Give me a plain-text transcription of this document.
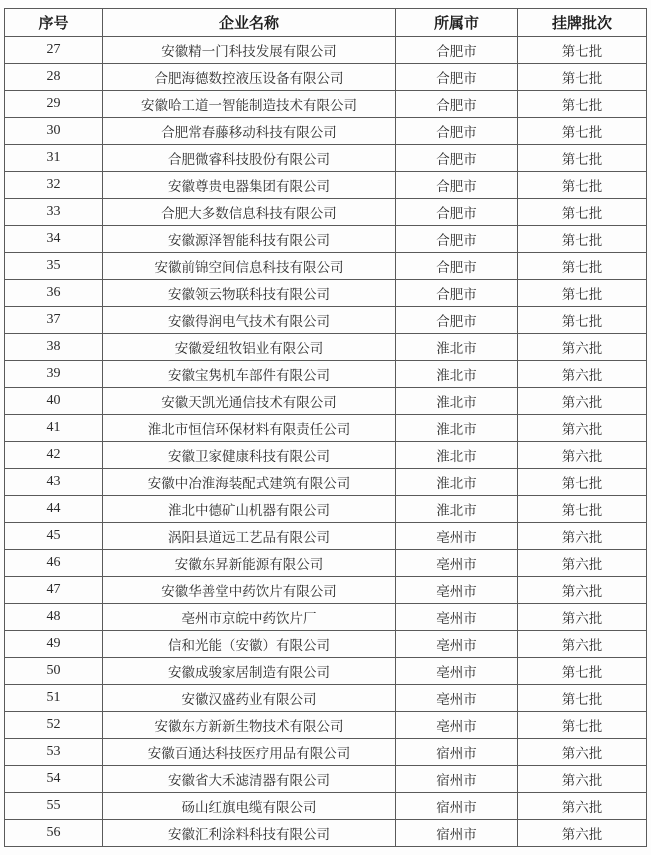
序号	企业名称	所属市	挂牌批次
27	安徽精一门科技发展有限公司	合肥市	第七批
28	合肥海德数控液压设备有限公司	合肥市	第七批
29	安徽哈工道一智能制造技术有限公司	合肥市	第七批
30	合肥常春藤移动科技有限公司	合肥市	第七批
31	合肥微睿科技股份有限公司	合肥市	第七批
32	安徽尊贵电器集团有限公司	合肥市	第七批
33	合肥大多数信息科技有限公司	合肥市	第七批
34	安徽源泽智能科技有限公司	合肥市	第七批
35	安徽前锦空间信息科技有限公司	合肥市	第七批
36	安徽领云物联科技有限公司	合肥市	第七批
37	安徽得润电气技术有限公司	合肥市	第七批
38	安徽爱纽牧铝业有限公司	淮北市	第六批
39	安徽宝隽机车部件有限公司	淮北市	第六批
40	安徽天凯光通信技术有限公司	淮北市	第六批
41	淮北市恒信环保材料有限责任公司	淮北市	第六批
42	安徽卫家健康科技有限公司	淮北市	第六批
43	安徽中冶淮海装配式建筑有限公司	淮北市	第七批
44	淮北中德矿山机器有限公司	淮北市	第七批
45	涡阳县道远工艺品有限公司	亳州市	第六批
46	安徽东昇新能源有限公司	亳州市	第六批
47	安徽华善堂中药饮片有限公司	亳州市	第六批
48	亳州市京皖中药饮片厂	亳州市	第六批
49	信和光能（安徽）有限公司	亳州市	第六批
50	安徽成骏家居制造有限公司	亳州市	第七批
51	安徽汉盛药业有限公司	亳州市	第七批
52	安徽东方新新生物技术有限公司	亳州市	第七批
53	安徽百通达科技医疗用品有限公司	宿州市	第六批
54	安徽省大禾滤清器有限公司	宿州市	第六批
55	砀山红旗电缆有限公司	宿州市	第六批
56	安徽汇利涂料科技有限公司	宿州市	第六批
